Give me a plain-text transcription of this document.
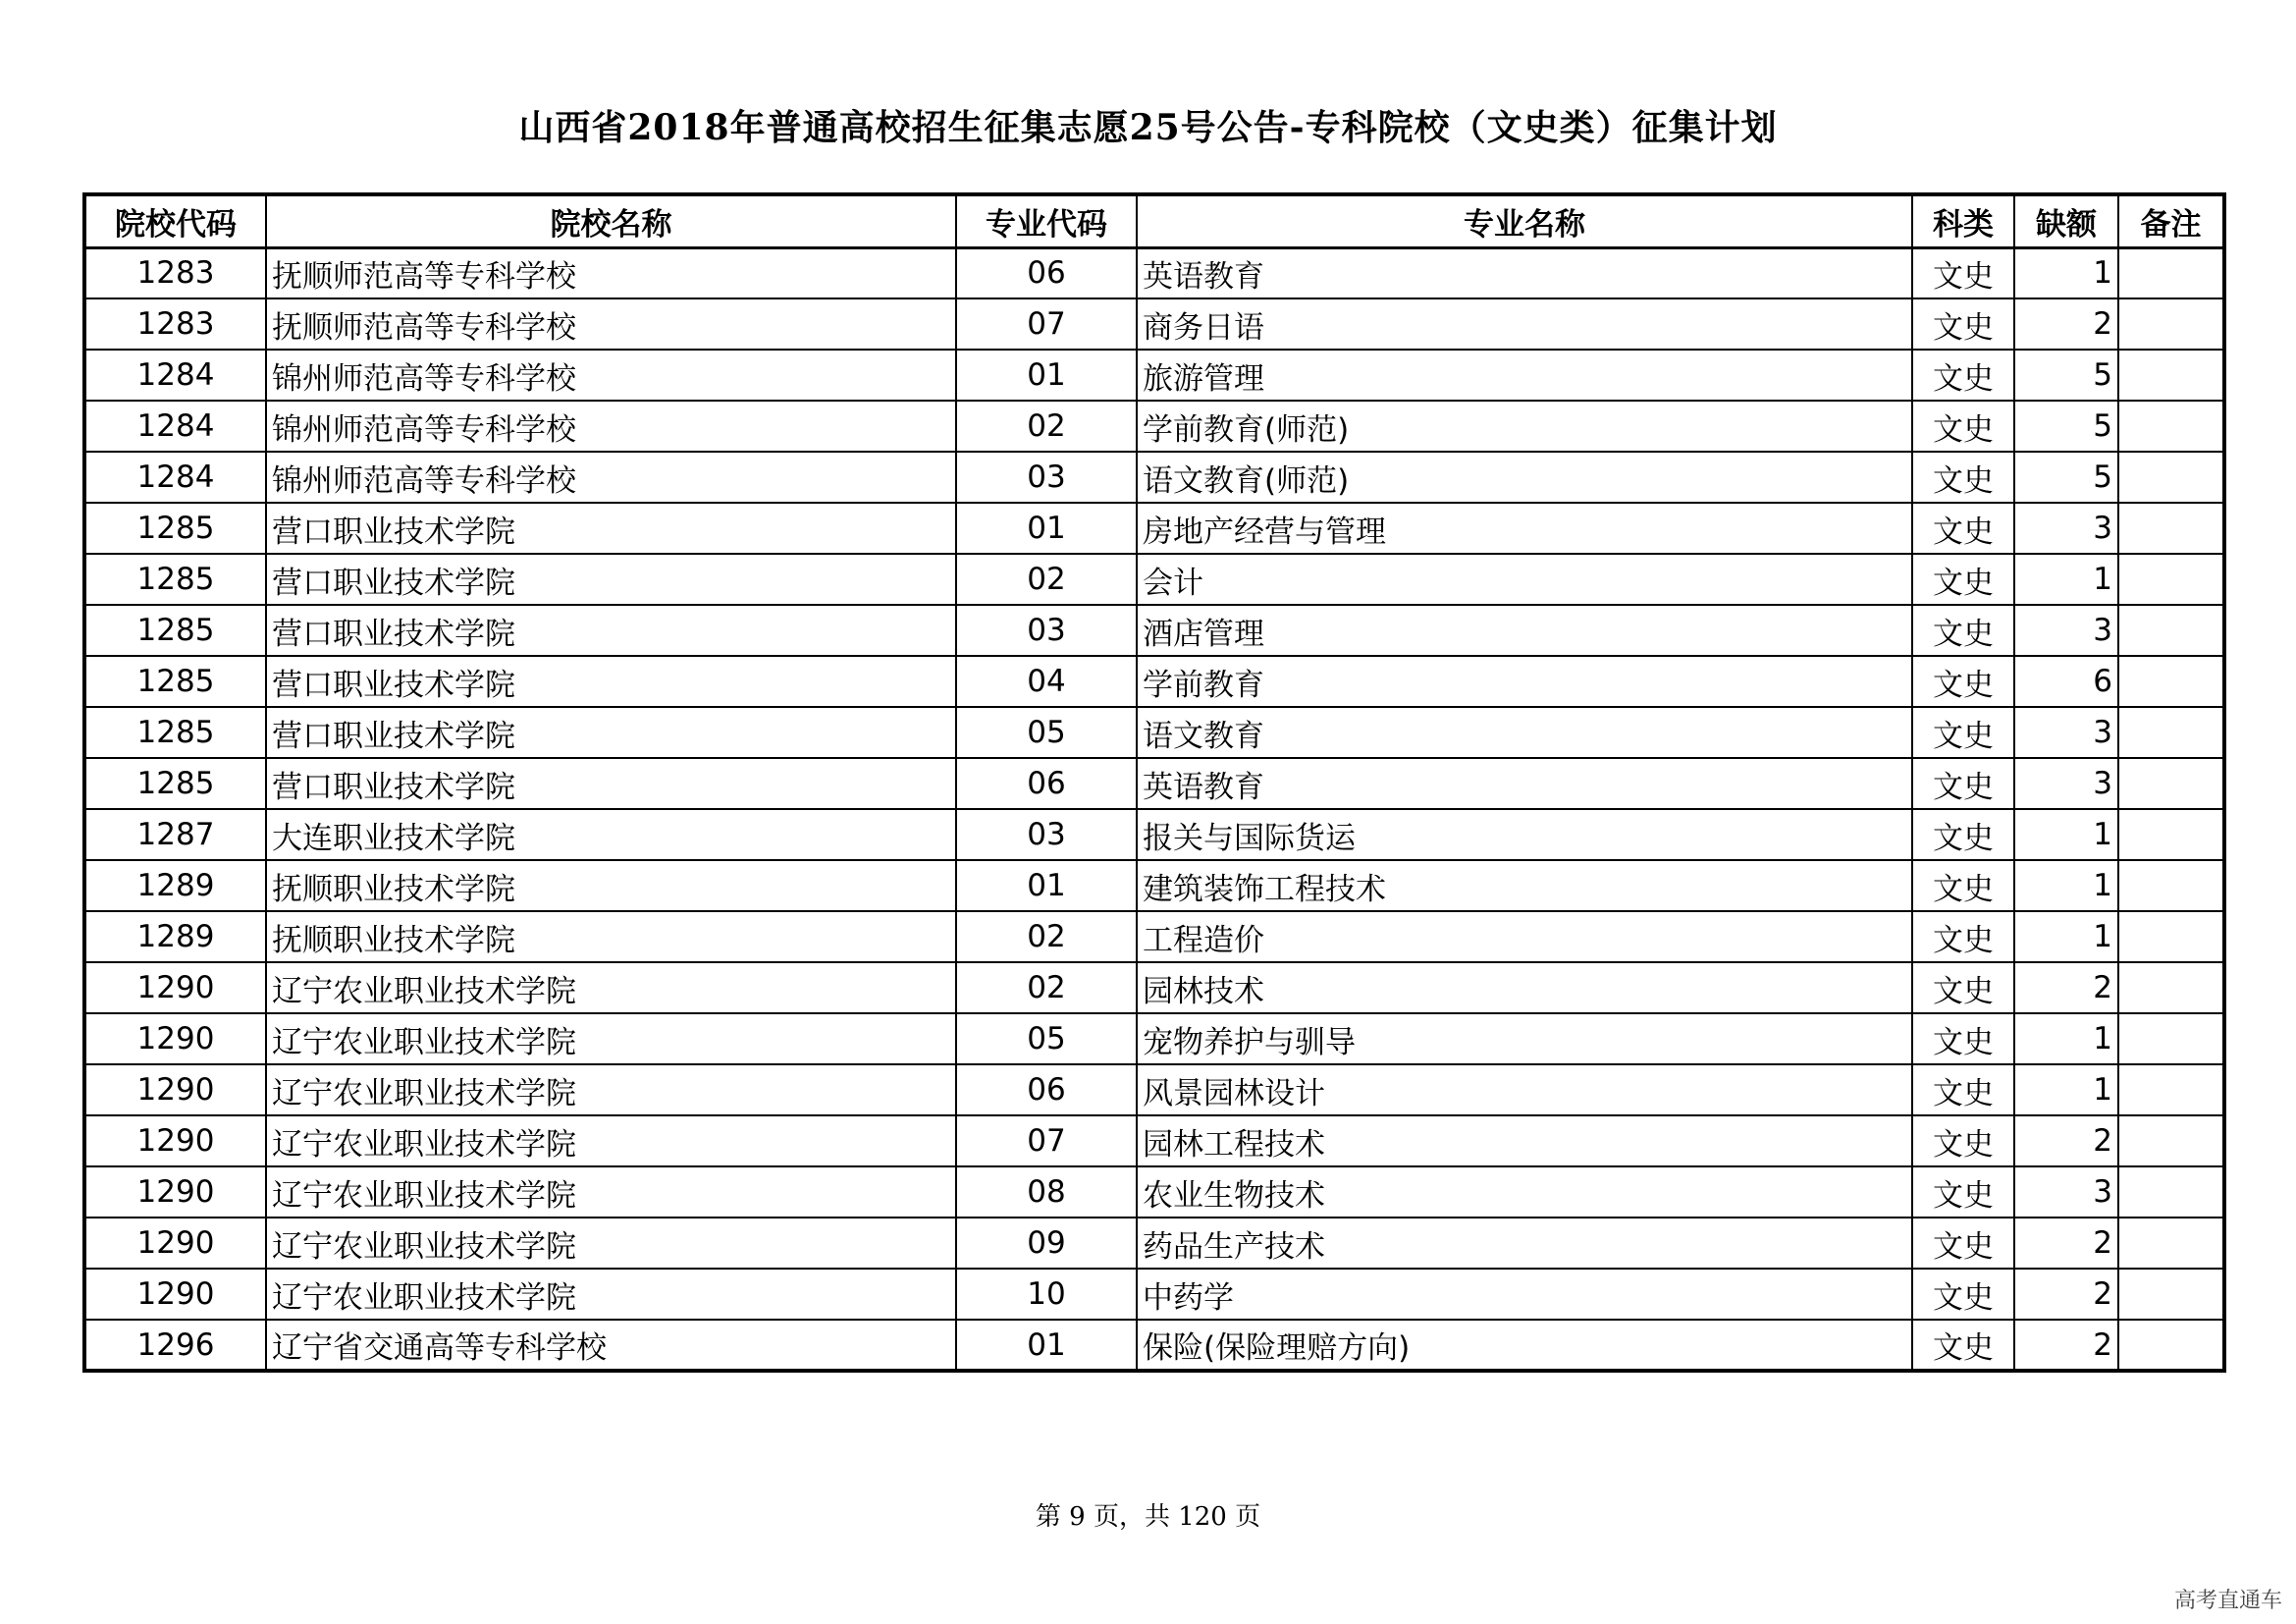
山西省2018年普通高校招生征集志愿25号公告-专科院校（文史类）征集计划
院校代码	院校名称	专业代码	专业名称	科类	缺额	备注
1283	抚顺师范高等专科学校	06	英语教育	文史	1	
1283	抚顺师范高等专科学校	07	商务日语	文史	2	
1284	锦州师范高等专科学校	01	旅游管理	文史	5	
1284	锦州师范高等专科学校	02	学前教育(师范)	文史	5	
1284	锦州师范高等专科学校	03	语文教育(师范)	文史	5	
1285	营口职业技术学院	01	房地产经营与管理	文史	3	
1285	营口职业技术学院	02	会计	文史	1	
1285	营口职业技术学院	03	酒店管理	文史	3	
1285	营口职业技术学院	04	学前教育	文史	6	
1285	营口职业技术学院	05	语文教育	文史	3	
1285	营口职业技术学院	06	英语教育	文史	3	
1287	大连职业技术学院	03	报关与国际货运	文史	1	
1289	抚顺职业技术学院	01	建筑装饰工程技术	文史	1	
1289	抚顺职业技术学院	02	工程造价	文史	1	
1290	辽宁农业职业技术学院	02	园林技术	文史	2	
1290	辽宁农业职业技术学院	05	宠物养护与驯导	文史	1	
1290	辽宁农业职业技术学院	06	风景园林设计	文史	1	
1290	辽宁农业职业技术学院	07	园林工程技术	文史	2	
1290	辽宁农业职业技术学院	08	农业生物技术	文史	3	
1290	辽宁农业职业技术学院	09	药品生产技术	文史	2	
1290	辽宁农业职业技术学院	10	中药学	文史	2	
1296	辽宁省交通高等专科学校	01	保险(保险理赔方向)	文史	2	
第 9 页，共 120 页
高考直通车
